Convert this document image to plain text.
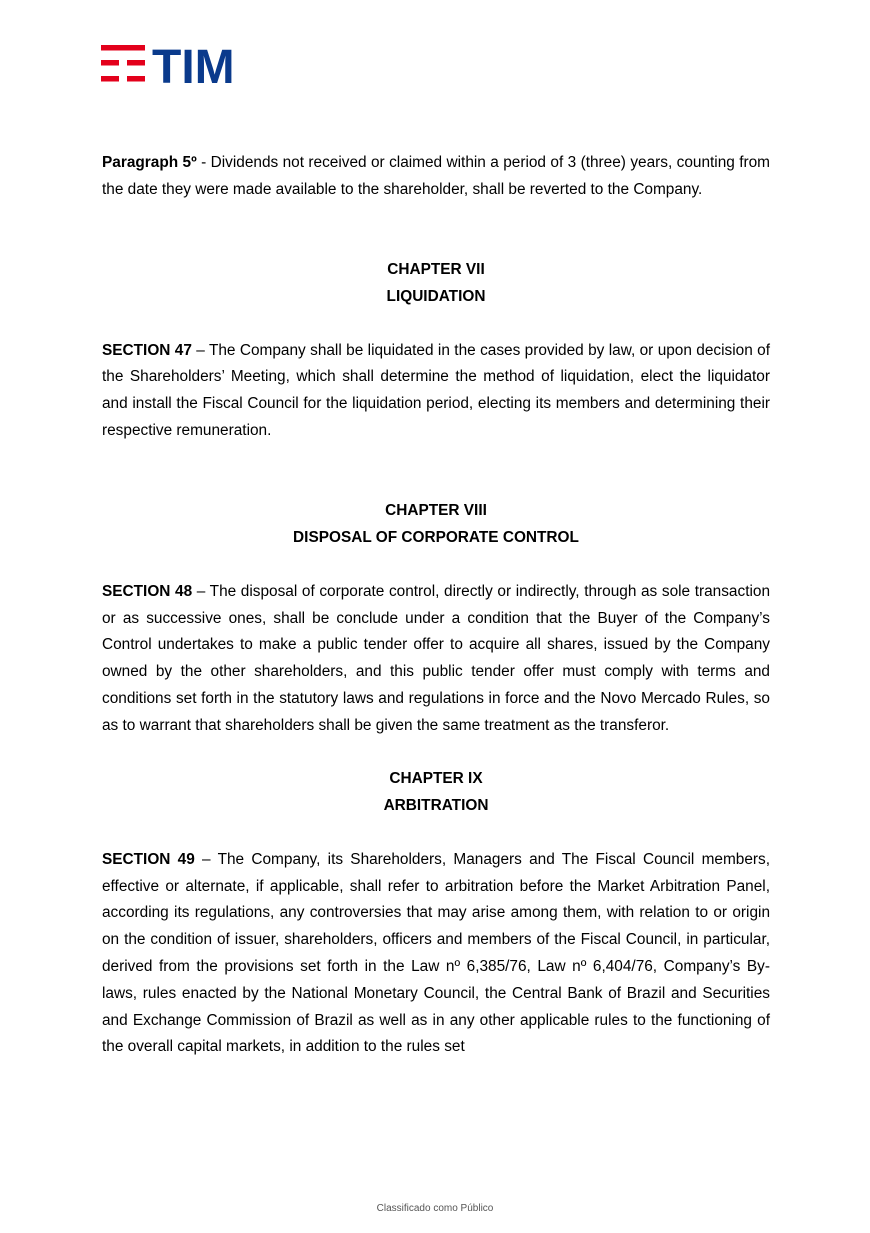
TIM

Paragraph 5º - Dividends not received or claimed within a period of 3 (three) years, counting from the date they were made available to the shareholder, shall be reverted to the Company.

CHAPTER VII

LIQUIDATION

SECTION 47 – The Company shall be liquidated in the cases provided by law, or upon decision of the Shareholders’ Meeting, which shall determine the method of liquidation, elect the liquidator and install the Fiscal Council for the liquidation period, electing its members and determining their respective remuneration.

CHAPTER VIII

DISPOSAL OF CORPORATE CONTROL

SECTION 48 – The disposal of corporate control, directly or indirectly, through as sole transaction or as successive ones, shall be conclude under a condition that the Buyer of the Company’s Control undertakes to make a public tender offer to acquire all shares, issued by the Company owned by the other shareholders, and this public tender offer must comply with terms and conditions set forth in the statutory laws and regulations in force and the Novo Mercado Rules, so as to warrant that shareholders shall be given the same treatment as the transferor.

CHAPTER IX

ARBITRATION

SECTION 49 – The Company, its Shareholders, Managers and The Fiscal Council members, effective or alternate, if applicable, shall refer to arbitration before the Market Arbitration Panel, according its regulations, any controversies that may arise among them, with relation to or origin on the condition of issuer, shareholders, officers and members of the Fiscal Council, in particular, derived from the provisions set forth in the Law nº 6,385/76, Law nº 6,404/76, Company’s By-laws, rules enacted by the National Monetary Council, the Central Bank of Brazil and Securities and Exchange Commission of Brazil as well as in any other applicable rules to the functioning of the overall capital markets, in addition to the rules set

Classificado como Público
